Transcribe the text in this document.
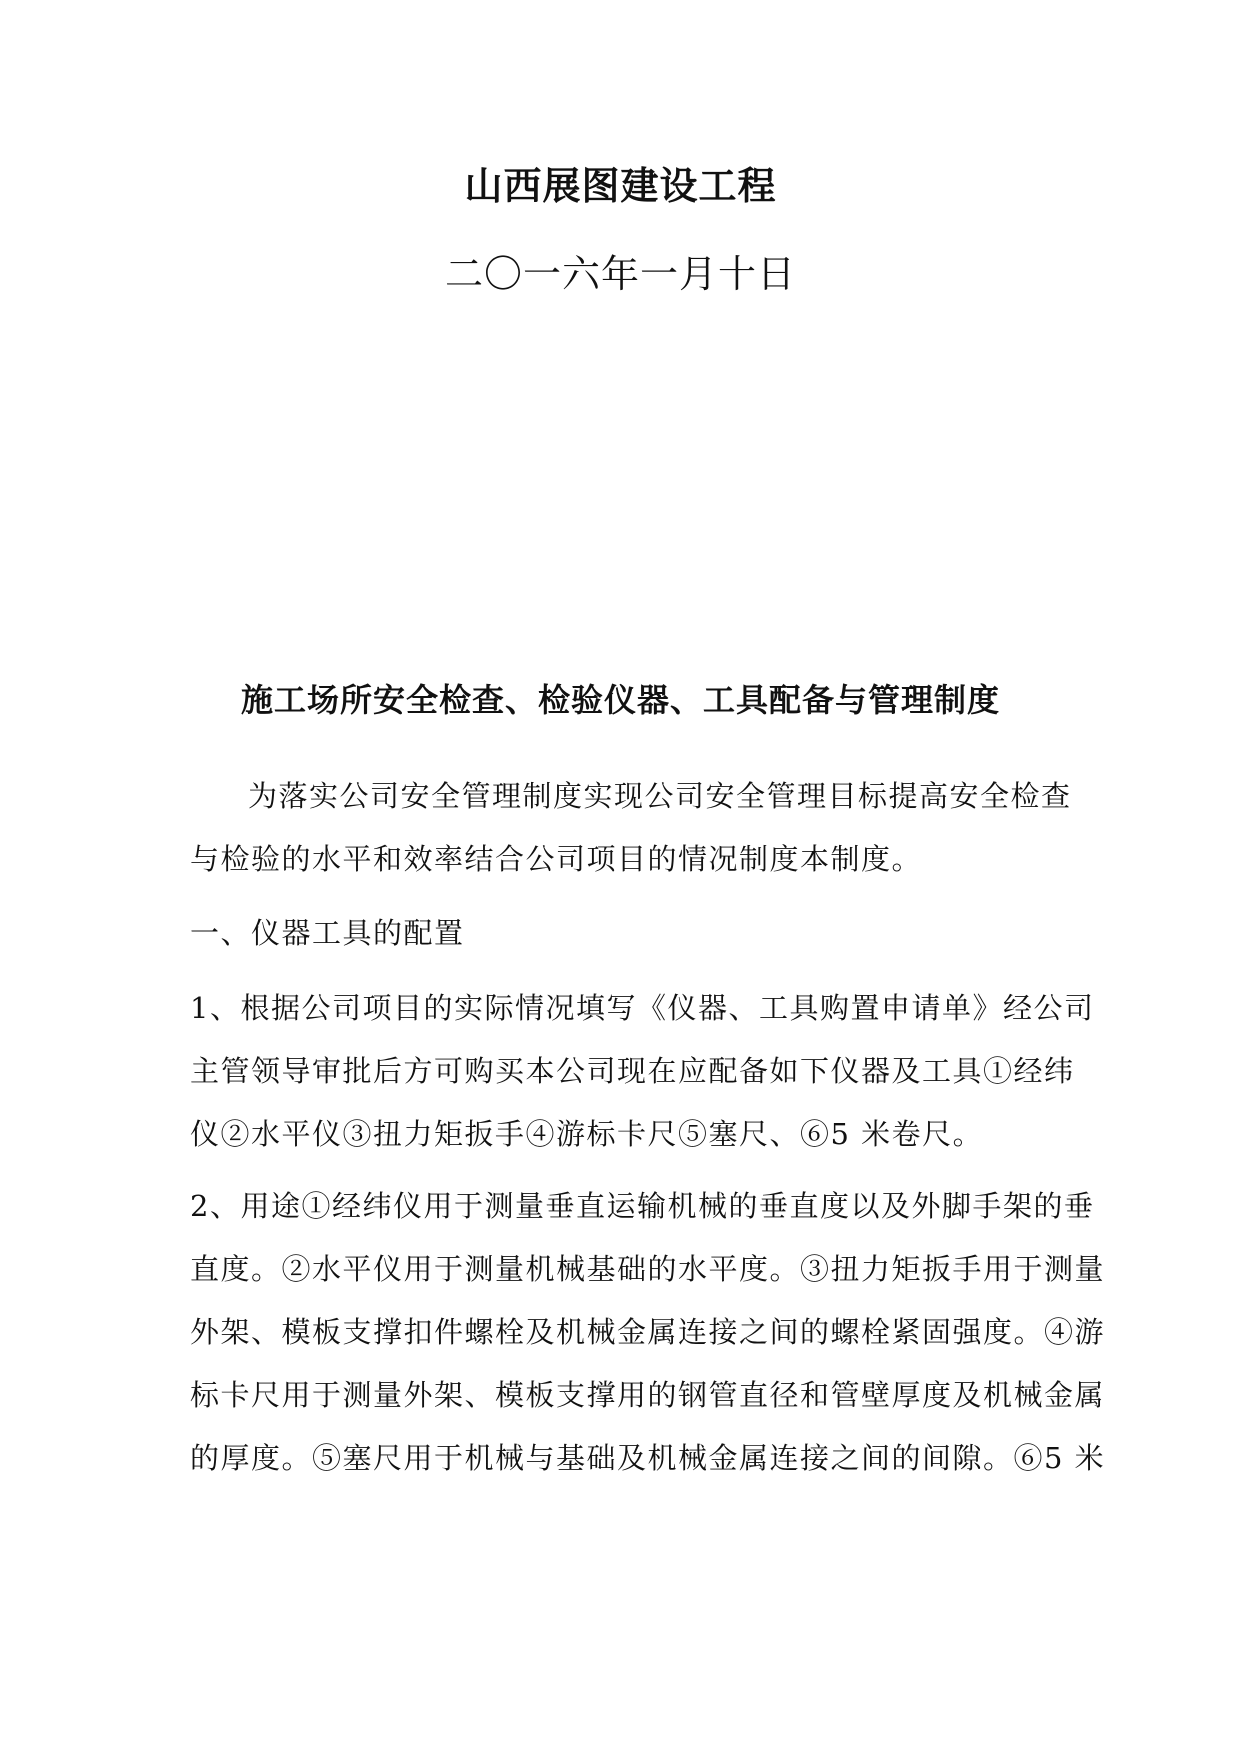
山西展图建设工程
二〇一六年一月十日
施工场所安全检查、检验仪器、工具配备与管理制度
为落实公司安全管理制度实现公司安全管理目标提高安全检查
与检验的水平和效率结合公司项目的情况制度本制度。
一、仪器工具的配置
1、根据公司项目的实际情况填写《仪器、工具购置申请单》经公司
主管领导审批后方可购买本公司现在应配备如下仪器及工具①经纬
仪②水平仪③扭力矩扳手④游标卡尺⑤塞尺、⑥5 米卷尺。
2、用途①经纬仪用于测量垂直运输机械的垂直度以及外脚手架的垂
直度。②水平仪用于测量机械基础的水平度。③扭力矩扳手用于测量
外架、模板支撑扣件螺栓及机械金属连接之间的螺栓紧固强度。④游
标卡尺用于测量外架、模板支撑用的钢管直径和管壁厚度及机械金属
的厚度。⑤塞尺用于机械与基础及机械金属连接之间的间隙。⑥5 米
